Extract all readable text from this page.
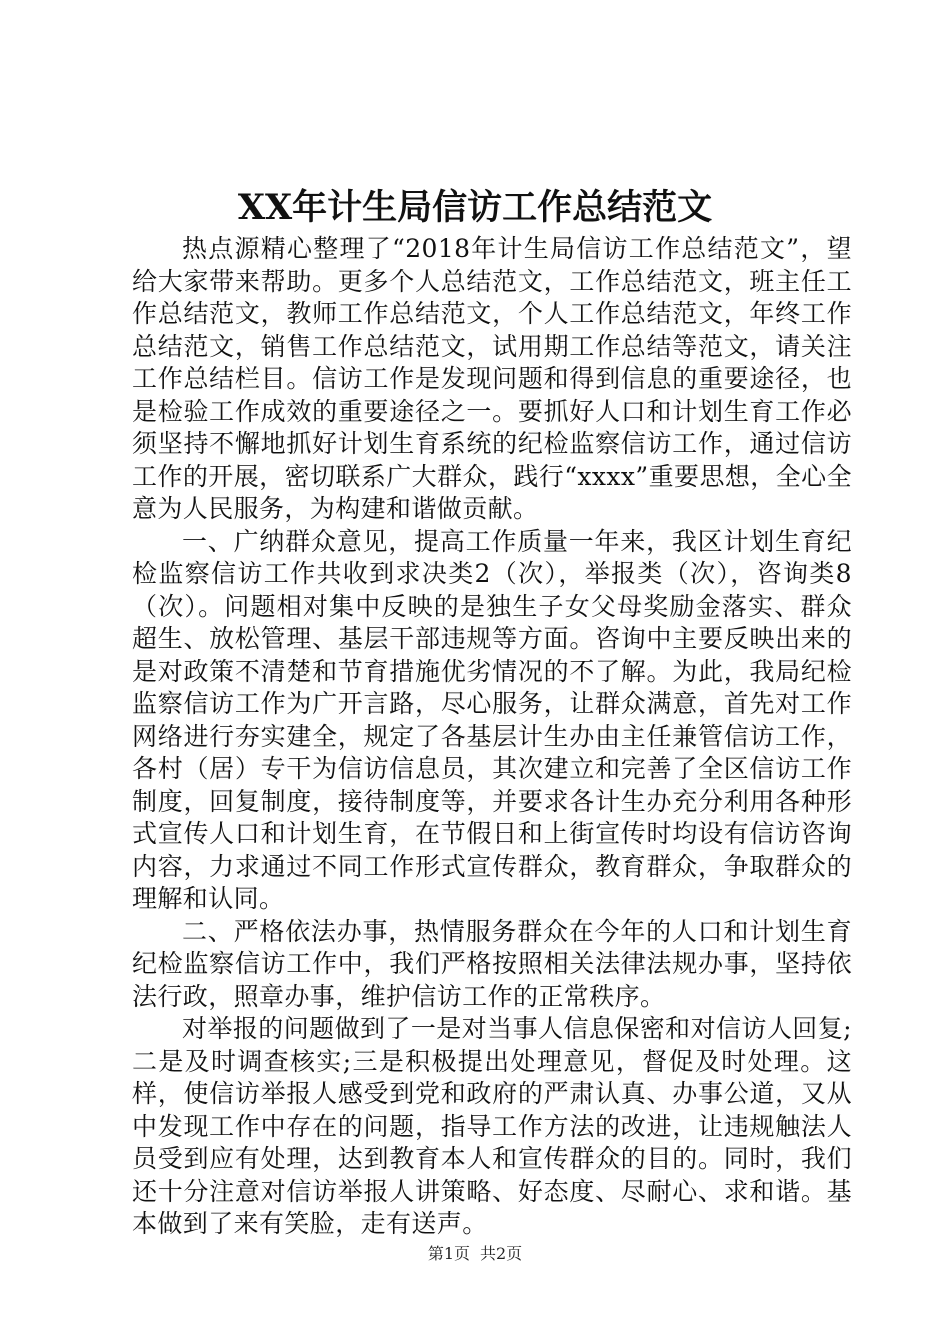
XX年计生局信访工作总结范文

热点源精心整理了“2018年计生局信访工作总结范文”，望给大家带来帮助。更多个人总结范文，工作总结范文，班主任工作总结范文，教师工作总结范文，个人工作总结范文，年终工作总结范文，销售工作总结范文，试用期工作总结等范文，请关注工作总结栏目。信访工作是发现问题和得到信息的重要途径，也是检验工作成效的重要途径之一。要抓好人口和计划生育工作必须坚持不懈地抓好计划生育系统的纪检监察信访工作，通过信访工作的开展，密切联系广大群众，践行“xxxx”重要思想，全心全意为人民服务，为构建和谐做贡献。

一、广纳群众意见，提高工作质量一年来，我区计划生育纪检监察信访工作共收到求决类2（次），举报类（次），咨询类8（次）。问题相对集中反映的是独生子女父母奖励金落实、群众超生、放松管理、基层干部违规等方面。咨询中主要反映出来的是对政策不清楚和节育措施优劣情况的不了解。为此，我局纪检监察信访工作为广开言路，尽心服务，让群众满意，首先对工作网络进行夯实建全，规定了各基层计生办由主任兼管信访工作，各村（居）专干为信访信息员，其次建立和完善了全区信访工作制度，回复制度，接待制度等，并要求各计生办充分利用各种形式宣传人口和计划生育，在节假日和上街宣传时均设有信访咨询内容，力求通过不同工作形式宣传群众，教育群众，争取群众的理解和认同。

二、严格依法办事，热情服务群众在今年的人口和计划生育纪检监察信访工作中，我们严格按照相关法律法规办事，坚持依法行政，照章办事，维护信访工作的正常秩序。

对举报的问题做到了一是对当事人信息保密和对信访人回复;二是及时调查核实;三是积极提出处理意见，督促及时处理。这样，使信访举报人感受到党和政府的严肃认真、办事公道，又从中发现工作中存在的问题，指导工作方法的改进，让违规触法人员受到应有处理，达到教育本人和宣传群众的目的。同时，我们还十分注意对信访举报人讲策略、好态度、尽耐心、求和谐。基本做到了来有笑脸，走有送声。

第1页 共2页
